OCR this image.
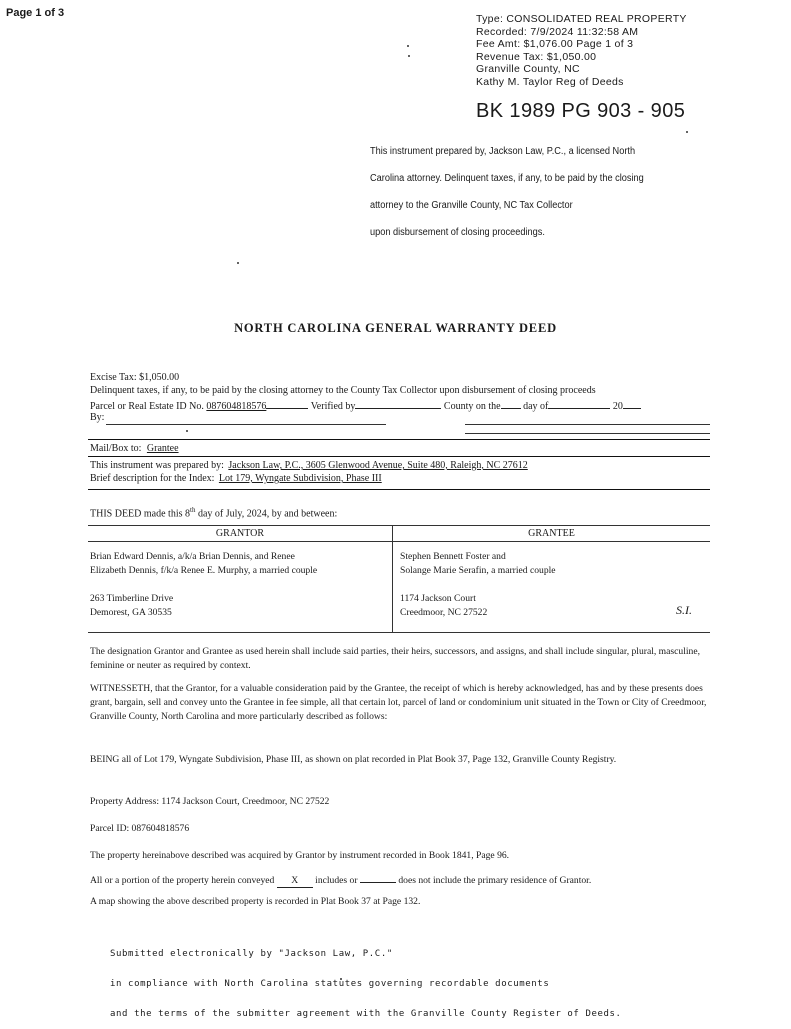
Page 1 of 3	Type: CONSOLIDATED REAL PROPERTY
Recorded: 7/9/2024 11:32:58 AM
Fee Amt: $1,076.00 Page 1 of 3
Revenue Tax: $1,050.00
Granville County, NC
Kathy M. Taylor Reg of Deeds
BK 1989 PG 903 - 905
This instrument prepared by, Jackson Law, P.C., a licensed North
Carolina attorney. Delinquent taxes, if any, to be paid by the closing
attorney to the Granville County, NC Tax Collector
upon disbursement of closing proceedings.
NORTH CAROLINA GENERAL WARRANTY DEED
Excise Tax: $1,050.00
Delinquent taxes, if any, to be paid by the closing attorney to the County Tax Collector upon disbursement of closing proceeds
Parcel or Real Estate ID No. 087604818576	Verified by	County on the day of	20
By:
Mail/Box to: Grantee
This instrument was prepared by: Jackson Law, P.C., 3605 Glenwood Avenue, Suite 480, Raleigh, NC 27612
Brief description for the Index: Lot 179, Wyngate Subdivision, Phase III
THIS DEED made this 8th day of July, 2024, by and between:
GRANTOR	GRANTEE
Brian Edward Dennis, a/k/a Brian Dennis, and Renee
Elizabeth Dennis, f/k/a Renee E. Murphy, a married couple
263 Timberline Drive
Demorest, GA 30535
Stephen Bennett Foster and
Solange Marie Serafin, a married couple
1174 Jackson Court
Creedmoor, NC 27522	S.I.
The designation Grantor and Grantee as used herein shall include said parties, their heirs, successors, and assigns, and shall include singular, plural, masculine, feminine or neuter as required by context.
WITNESSETH, that the Grantor, for a valuable consideration paid by the Grantee, the receipt of which is hereby acknowledged, has and by these presents does grant, bargain, sell and convey unto the Grantee in fee simple, all that certain lot, parcel of land or condominium unit situated in the Town or City of Creedmoor, Granville County, North Carolina and more particularly described as follows:
BEING all of Lot 179, Wyngate Subdivision, Phase III, as shown on plat recorded in Plat Book 37, Page 132, Granville County Registry.
Property Address: 1174 Jackson Court, Creedmoor, NC 27522
Parcel ID: 087604818576
The property hereinabove described was acquired by Grantor by instrument recorded in Book 1841, Page 96.
All or a portion of the property herein conveyed X includes or	does not include the primary residence of Grantor.
A map showing the above described property is recorded in Plat Book 37 at Page 132.

Submitted electronically by "Jackson Law, P.C."

in compliance with North Carolina statutes governing recordable documents

and the terms of the submitter agreement with the Granville County Register of Deeds.
